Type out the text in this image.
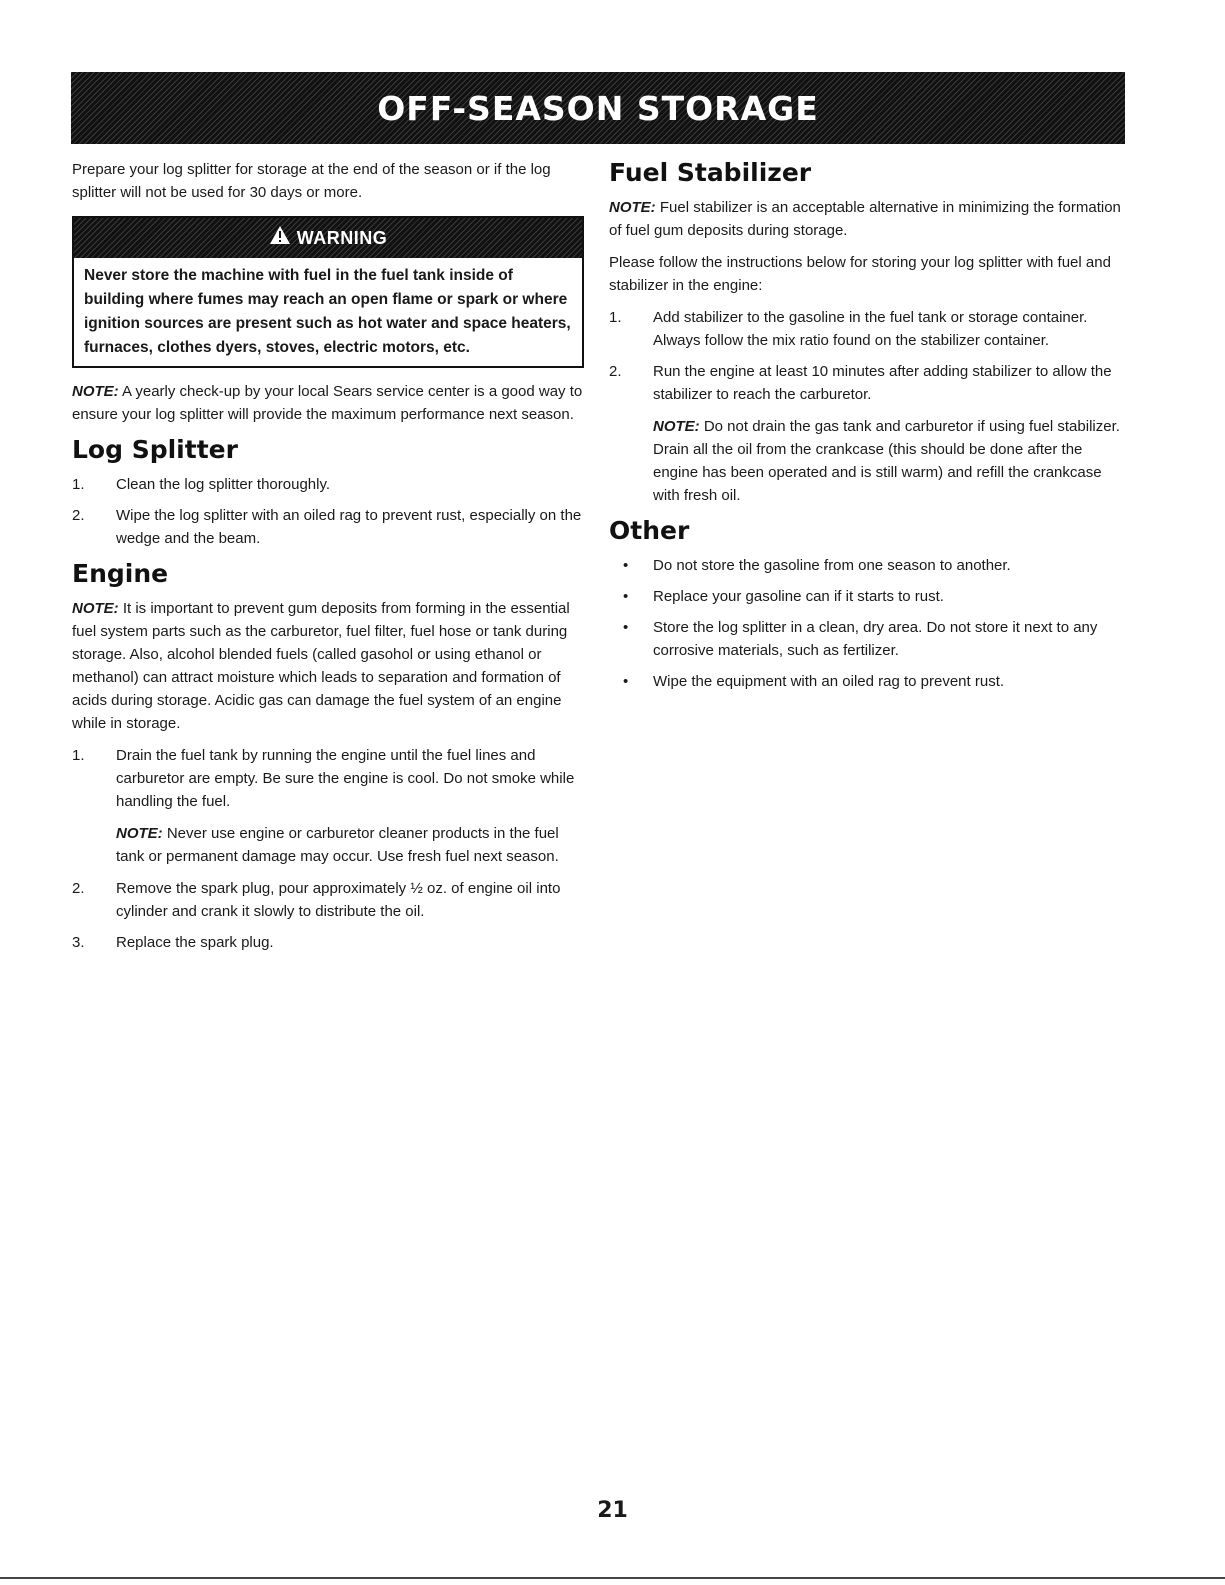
OFF-SEASON STORAGE

Prepare your log splitter for storage at the end of the season or if the log splitter will not be used for 30 days or more.

WARNING
Never store the machine with fuel in the fuel tank inside of building where fumes may reach an open flame or spark or where ignition sources are present such as hot water and space heaters, furnaces, clothes dyers, stoves, electric motors, etc.

NOTE: A yearly check-up by your local Sears service center is a good way to ensure your log splitter will provide the maximum performance next season.

Log Splitter
1.	Clean the log splitter thoroughly.
2.	Wipe the log splitter with an oiled rag to prevent rust, especially on the wedge and the beam.
Engine

NOTE: It is important to prevent gum deposits from forming in the essential fuel system parts such as the carburetor, fuel filter, fuel hose or tank during storage. Also, alcohol blended fuels (called gasohol or using ethanol or methanol) can attract moisture which leads to separation and formation of acids during storage. Acidic gas can damage the fuel system of an engine while in storage.

1.	Drain the fuel tank by running the engine until the fuel lines and carburetor are empty. Be sure the engine is cool. Do not smoke while handling the fuel.

NOTE: Never use engine or carburetor cleaner products in the fuel tank or permanent damage may occur. Use fresh fuel next season.

2.	Remove the spark plug, pour approximately ½ oz. of engine oil into cylinder and crank it slowly to distribute the oil.
3.	Replace the spark plug.
Fuel Stabilizer

NOTE: Fuel stabilizer is an acceptable alternative in minimizing the formation of fuel gum deposits during storage.

Please follow the instructions below for storing your log splitter with fuel and stabilizer in the engine:

1.	Add stabilizer to the gasoline in the fuel tank or storage container. Always follow the mix ratio found on the stabilizer container.
2.	Run the engine at least 10 minutes after adding stabilizer to allow the stabilizer to reach the carburetor.

NOTE: Do not drain the gas tank and carburetor if using fuel stabilizer. Drain all the oil from the crankcase (this should be done after the engine has been operated and is still warm) and refill the crankcase with fresh oil.

Other
•	Do not store the gasoline from one season to another.
•	Replace your gasoline can if it starts to rust.
•	Store the log splitter in a clean, dry area. Do not store it next to any corrosive materials, such as fertilizer.
•	Wipe the equipment with an oiled rag to prevent rust.
21
